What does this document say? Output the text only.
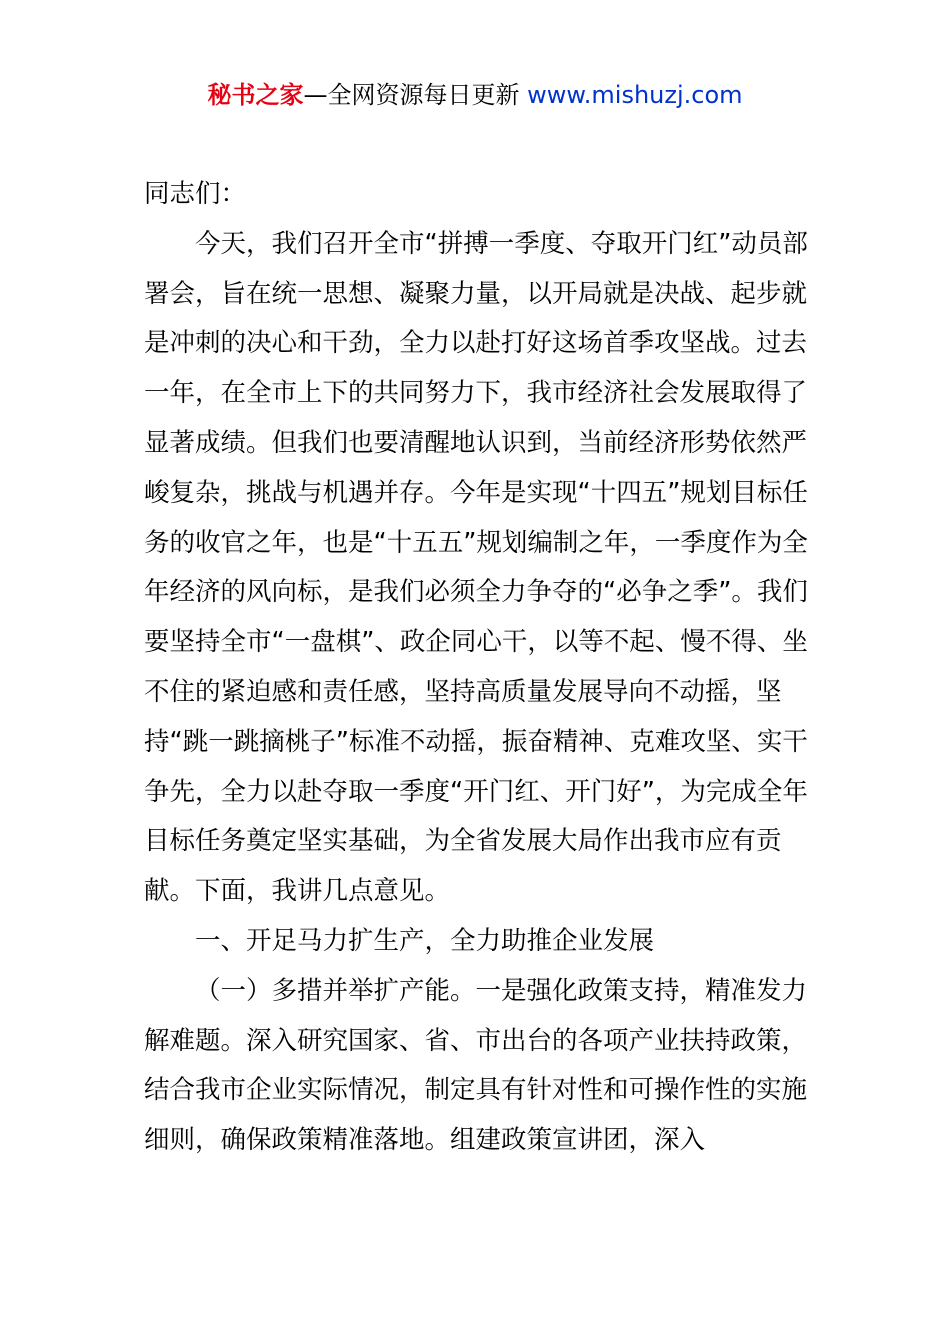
秘书之家—全网资源每日更新 www.mishuzj.com

同志们：

今天，我们召开全市“拼搏一季度、夺取开门红”动员部署会，旨在统一思想、凝聚力量，以开局就是决战、起步就是冲刺的决心和干劲，全力以赴打好这场首季攻坚战。过去一年，在全市上下的共同努力下，我市经济社会发展取得了显著成绩。但我们也要清醒地认识到，当前经济形势依然严峻复杂，挑战与机遇并存。今年是实现“十四五”规划目标任务的收官之年，也是“十五五”规划编制之年，一季度作为全年经济的风向标，是我们必须全力争夺的“必争之季”。我们要坚持全市“一盘棋”、政企同心干，以等不起、慢不得、坐不住的紧迫感和责任感，坚持高质量发展导向不动摇，坚持“跳一跳摘桃子”标准不动摇，振奋精神、克难攻坚、实干争先，全力以赴夺取一季度“开门红、开门好”，为完成全年目标任务奠定坚实基础，为全省发展大局作出我市应有贡献。下面，我讲几点意见。

一、开足马力扩生产，全力助推企业发展

（一）多措并举扩产能。一是强化政策支持，精准发力解难题。深入研究国家、省、市出台的各项产业扶持政策，结合我市企业实际情况，制定具有针对性和可操作性的实施细则，确保政策精准落地。组建政策宣讲团，深入
